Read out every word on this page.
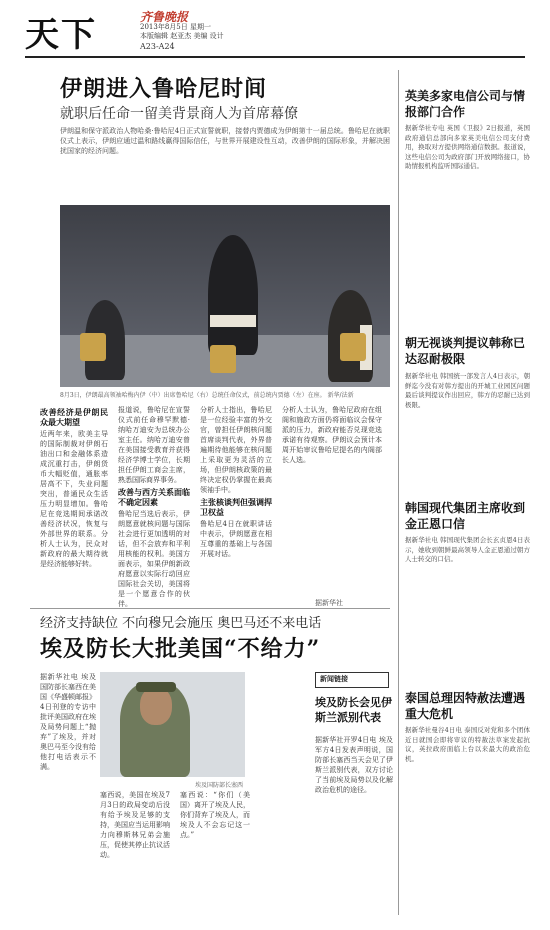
天下	齐鲁晚报
2013年8月5日 星期一
本版编辑 赵亚杰 美编 设计
A23-A24
伊朗进入鲁哈尼时间
就职后任命一留美背景商人为首席幕僚
伊朗温和保守派政治人物哈桑·鲁哈尼4日正式宣誓就职，接替内贾德成为伊朗第十一届总统。鲁哈尼在就职仪式上表示，伊朗应通过温和路线赢得国际信任，与世界开展建设性互动，改善伊朗的国际形象，并解决困扰国家的经济问题。
8月3日，伊朗最高领袖哈梅内伊（中）出席鲁哈尼（右）总统任命仪式，前总统内贾德（左）在座。 新华/法新
改善经济是伊朗民众最大期望
近两年来，欧美主导的国际制裁对伊朗石油出口和金融体系造成沉重打击，伊朗货币大幅贬值，通胀率居高不下，失业问题突出，普通民众生活压力明显增加。鲁哈尼在竞选期间承诺改善经济状况，恢复与外部世界的联系。分析人士认为，民众对新政府的最大期待就是经济能够好转。
报道说，鲁哈尼在宣誓仪式前任命穆罕默德·纳哈万迪安为总统办公室主任。纳哈万迪安曾在美国接受教育并获得经济学博士学位，长期担任伊朗工商会主席，熟悉国际商界事务。
改善与西方关系面临不确定因素
鲁哈尼当选后表示，伊朗愿意就核问题与国际社会进行更加透明的对话，但不会放弃和平利用核能的权利。美国方面表示，如果伊朗新政府愿意以实际行动回应国际社会关切，美国将是一个愿意合作的伙伴。
分析人士指出，鲁哈尼是一位经验丰富的外交官，曾担任伊朗核问题首席谈判代表，外界普遍期待他能够在核问题上采取更为灵活的立场，但伊朗核政策的最终决定权仍掌握在最高领袖手中。
主张核谈判但强调捍卫权益
鲁哈尼4日在就职讲话中表示，伊朗愿意在相互尊重的基础上与各国开展对话。
分析人士认为，鲁哈尼政府在组阁和施政方面仍将面临议会保守派的压力，新政府能否兑现竞选承诺有待观察。伊朗议会预计本周开始审议鲁哈尼提名的内阁部长人选。
据新华社
英美多家电信公司与情报部门合作
据新华社专电 英国《卫报》2日报道，英国政府通信总部向多家英美电信公司支付费用，换取对方提供网络通信数据。报道说，这些电信公司为政府部门开放网络接口，协助情报机构监听国际通信。
朝无视谈判提议韩称已达忍耐极限
据新华社电 韩国统一部发言人4日表示，朝鲜迄今没有对韩方提出的开城工业园区问题最后谈判提议作出回应，韩方的忍耐已达到极限。
韩国现代集团主席收到金正恩口信
据新华社电 韩国现代集团会长玄贞恩4日表示，她收到朝鲜最高领导人金正恩通过朝方人士转交的口信。
泰国总理因特赦法遭遇重大危机
据新华社曼谷4日电 泰国反对党和多个团体近日就国会即将审议的特赦法草案发起抗议，英拉政府面临上台以来最大的政治危机。
经济支持缺位 不向穆兄会施压 奥巴马还不来电话
埃及防长大批美国“不给力”
据新华社电 埃及国防部长塞西在美国《华盛顿邮报》4日刊登的专访中批评美国政府在埃及局势问题上“抛弃”了埃及，并对奥巴马至今没有给他打电话表示不满。
埃及国防部长塞西
塞西说，美国在埃及7月3日的政局变动后没有给予埃及足够的支持，美国应当运用影响力向穆斯林兄弟会施压，促使其停止抗议活动。
塞西说：“你们（美国）离开了埃及人民，你们背弃了埃及人，而埃及人不会忘记这一点。”
新闻链接
埃及防长会见伊斯兰派别代表
据新华社开罗4日电 埃及军方4日发表声明说，国防部长塞西当天会见了伊斯兰派别代表，双方讨论了当前埃及局势以及化解政治危机的途径。
